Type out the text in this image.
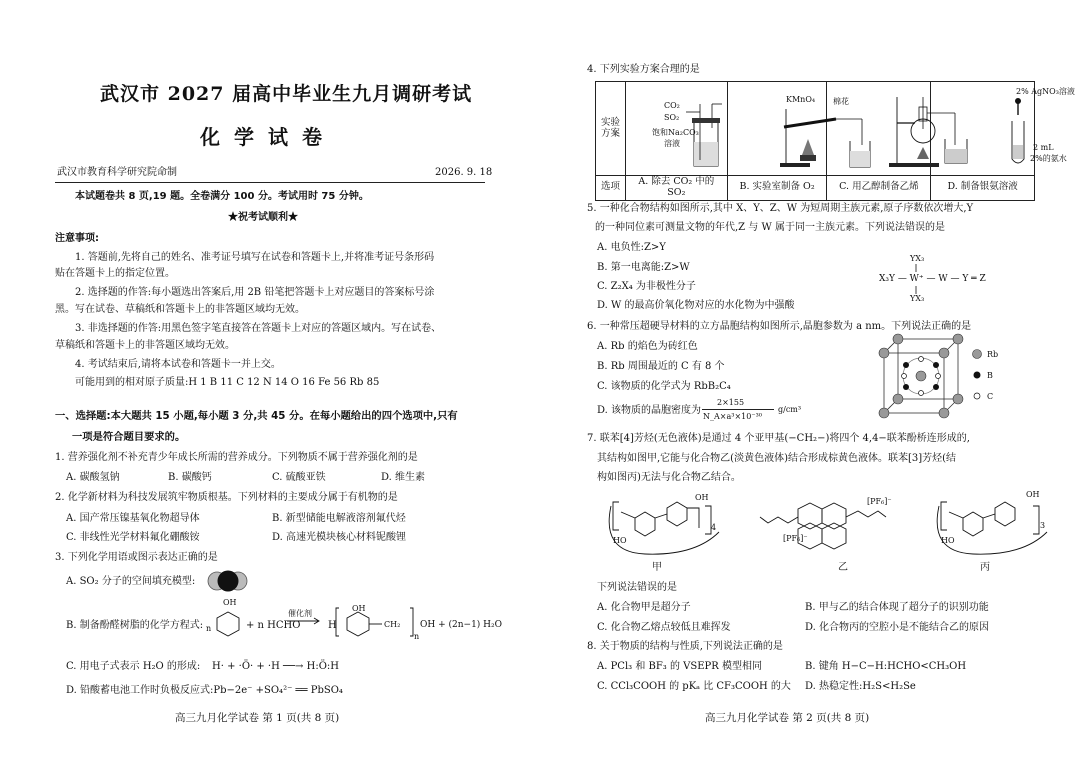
武汉市 2027 届高中毕业生九月调研考试
化学试卷
武汉市教育科学研究院命制	2026. 9. 18
本试题卷共 8 页,19 题。全卷满分 100 分。考试用时 75 分钟。
★祝考试顺利★
注意事项:
1. 答题前,先将自己的姓名、准考证号填写在试卷和答题卡上,并将准考证号条形码
贴在答题卡上的指定位置。
2. 选择题的作答:每小题选出答案后,用 2B 铅笔把答题卡上对应题目的答案标号涂
黑。写在试卷、草稿纸和答题卡上的非答题区域均无效。
3. 非选择题的作答:用黑色签字笔直接答在答题卡上对应的答题区域内。写在试卷、
草稿纸和答题卡上的非答题区域均无效。
4. 考试结束后,请将本试卷和答题卡一并上交。
可能用到的相对原子质量:H 1 B 11 C 12 N 14 O 16 Fe 56 Rb 85
一、选择题:本大题共 15 小题,每小题 3 分,共 45 分。在每小题给出的四个选项中,只有
一项是符合题目要求的。
1. 营养强化剂不补充青少年成长所需的营养成分。下列物质不属于营养强化剂的是
A. 碳酸氢钠	B. 碳酸钙	C. 硫酸亚铁	D. 维生素
2. 化学新材料为科技发展筑牢物质根基。下列材料的主要成分属于有机物的是
A. 国产常压镍基氧化物超导体	B. 新型储能电解液溶剂氟代烃
C. 非线性光学材料氟化硼酸铵	D. 高速光模块核心材料铌酸锂
3. 下列化学用语或图示表达正确的是
A. SO₂ 分子的空间填充模型:
B. 制备酚醛树脂的化学方程式: n
OH
+ n HCHO
催化剂
→ H
OH
CH₂
n
OH + (2n−1) H₂O
C. 用电子式表示 H₂O 的形成: H· + ·Ö· + ·H ──→ H:Ö:H
D. 铅酸蓄电池工作时负极反应式:Pb−2e⁻ +SO₄²⁻ ══ PbSO₄
高三九月化学试卷 第 1 页(共 8 页)
4. 下列实验方案合理的是
实验
方案				

选项	A. 除去 CO₂ 中的 SO₂	B. 实验室制备 O₂	C. 用乙醇制备乙烯	D. 制备银氨溶液
CO₂
SO₂
饱和Na₂CO₃
溶液
KMnO₄ 棉花
2% AgNO₃溶液
2 mL
2%的氨水
5. 一种化合物结构如图所示,其中 X、Y、Z、W 为短周期主族元素,原子序数依次增大,Y
的一种同位素可测量文物的年代,Z 与 W 属于同一主族元素。下列说法错误的是
A. 电负性:Z>Y
B. 第一电离能:Z>W
C. Z₂X₄ 为非极性分子
D. W 的最高价氧化物对应的水化物为中强酸
YX₃
X₃Y — W⁺ — W — Y ═ Z
YX₃
6. 一种常压超硬导材料的立方晶胞结构如图所示,晶胞参数为 a nm。下列说法正确的是
A. Rb 的焰色为砖红色
B. Rb 周围最近的 C 有 8 个
C. 该物质的化学式为 RbB₂C₄
D. 该物质的晶胞密度为
2×155
N_A×a³×10⁻³⁰
g/cm³
Rb
B
C
7. 联苯[4]芳烃(无色液体)是通过 4 个亚甲基(−CH₂−)将四个 4,4−联苯酚桥连形成的,
其结构如图甲,它能与化合物乙(淡黄色液体)结合形成棕黄色液体。联苯[3]芳烃(结
构如图丙)无法与化合物乙结合。
OH
HO
4
甲
[PF₆]⁻
[PF₆]⁻
乙
OH
HO
3
丙
下列说法错误的是
A. 化合物甲是超分子	B. 甲与乙的结合体现了超分子的识别功能
C. 化合物乙熔点较低且难挥发	D. 化合物丙的空腔小是不能结合乙的原因
8. 关于物质的结构与性质,下列说法正确的是
A. PCl₃ 和 BF₃ 的 VSEPR 模型相同	B. 键角 H−C−H:HCHO<CH₃OH
C. CCl₃COOH 的 pKₐ 比 CF₃COOH 的大 D. 热稳定性:H₂S<H₂Se
高三九月化学试卷 第 2 页(共 8 页)
